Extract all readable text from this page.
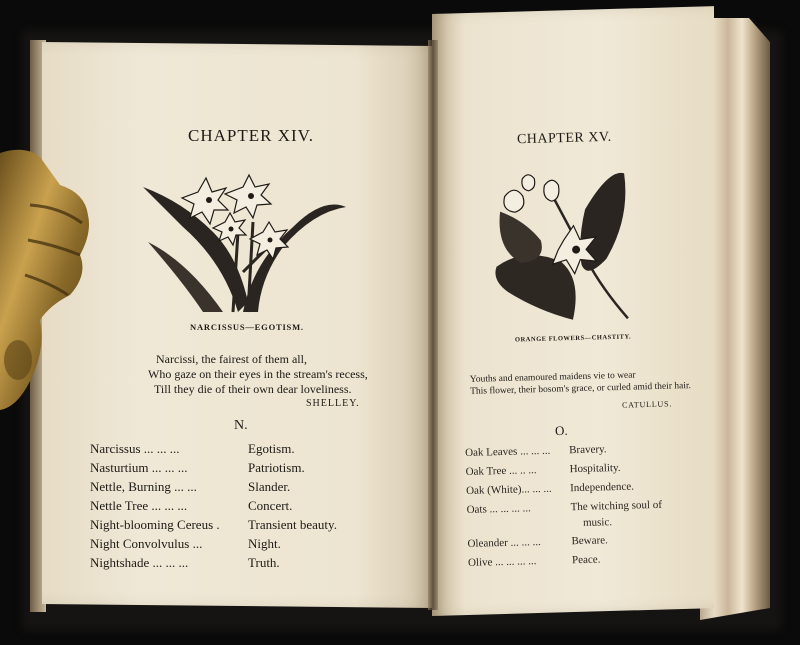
CHAPTER XIV.
NARCISSUS—EGOTISM.
Narcissi, the fairest of them all,
Who gaze on their eyes in the stream's recess,
Till they die of their own dear loveliness.
SHELLEY.
N.
Narcissus ... ... ...	Egotism.
Nasturtium ... ... ...	Patriotism.
Nettle, Burning ... ...	Slander.
Nettle Tree ... ... ...	Concert.
Night-blooming Cereus . Transient beauty.
Night Convolvulus ...	Night.
Nightshade ... ... ...	Truth.
CHAPTER XV.
ORANGE FLOWERS—CHASTITY.
Youths and enamoured maidens vie to wear
This flower, their bosom's grace, or curled amid their hair.
CATULLUS.
O.
Oak Leaves ... ... ... Bravery.
Oak Tree ... .. ...	Hospitality.
Oak (White)... ... ... Independence.
Oats ... ... ... ...	The witching soul of
music.
Oleander ... ... ...	Beware.
Olive ... ... ... ...	Peace.
